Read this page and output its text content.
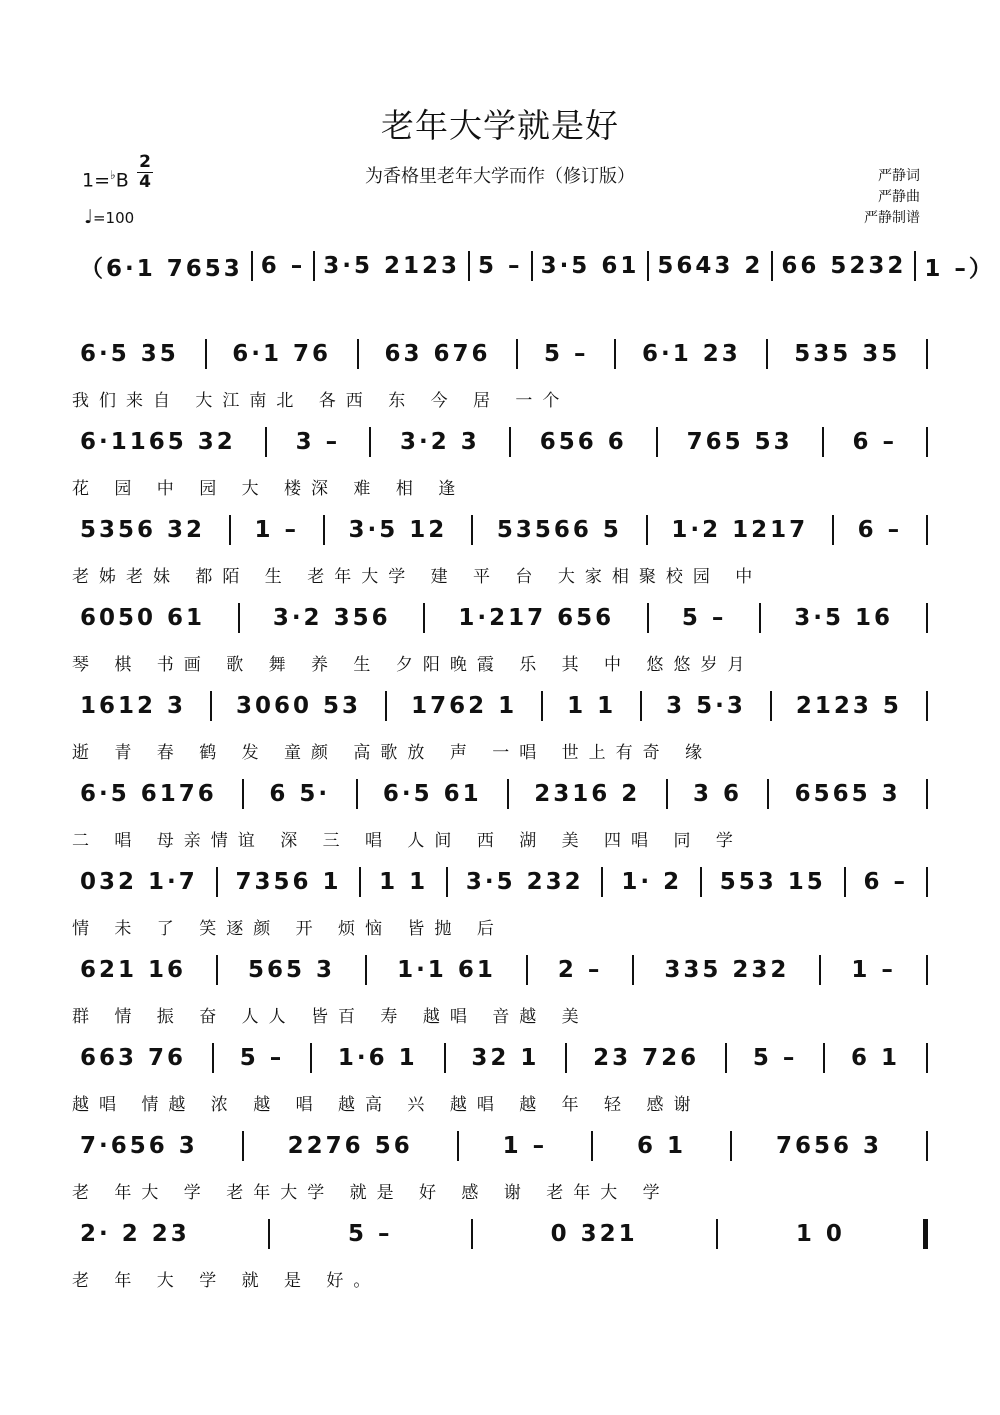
老年大学就是好
为香格里老年大学而作（修订版）
1=♭B
2
4
♩=100
严静词
严静曲
严静制谱
（6·1 7653 6 – 3·5 2123 5 – 3·5 61 5643 2 66 5232 1 –）
6·5 35	6·1 76	63 676	5 –	6·1 23	535 35
我们来自 大江南北 各西 东 今 居 一个
6·1165 32	3 –	3·2 3	656 6	765 53	6 –
花 园 中 园 大 楼深 难 相 逢
5356 32	1 –	3·5 12	53566 5	1·2 1217	6 –
老姊老妹 都陌 生 老年大学 建 平 台 大家相聚校园 中
6050 61	3·2 356	1·217 656	5 –	3·5 16
琴 棋 书画 歌 舞 养 生 夕阳晚霞 乐 其 中 悠悠岁月
1612 3	3060 53	1762 1	1 1	3 5·3	2123 5
逝 青 春 鹤 发 童颜 高歌放 声 一唱 世上有奇 缘
6·5 6176	6 5·	6·5 61	2316 2	3 6	6565 3
二 唱 母亲情谊 深 三 唱 人间 西 湖 美 四唱 同 学
032 1·7	7356 1	1 1	3·5 232	1· 2	553 15	6 –
情 未 了 笑逐颜 开 烦恼 皆抛 后
621 16	565 3	1·1 61	2 –	335 232	1 –
群 情 振 奋 人人 皆百 寿 越唱 音越 美
663 76	5 –	1·6 1	32 1	23 726	5 –	6 1
越唱 情越 浓 越 唱 越高 兴 越唱 越 年 轻 感谢
7·656 3	2276 56	1 –	6 1	7656 3
老 年大 学 老年大学 就是 好 感 谢 老年大 学
2· 2 23	5 –	0 321	1 0
老 年 大 学 就 是 好。
